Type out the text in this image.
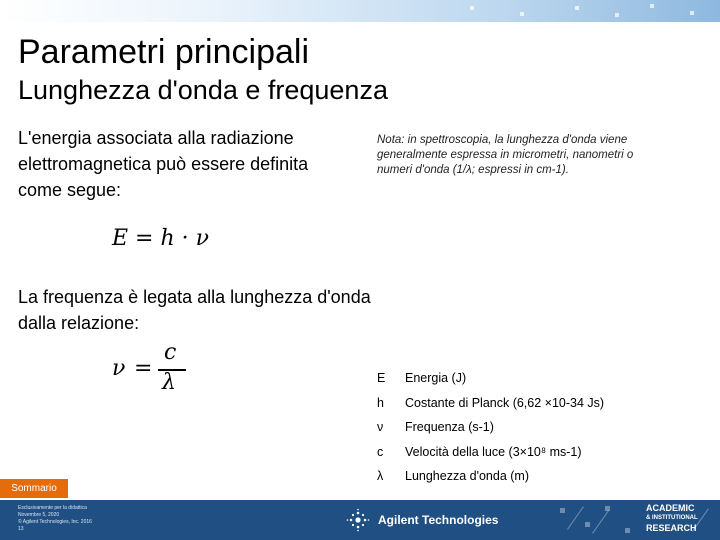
Parametri principali
Lunghezza d'onda e frequenza
L'energia associata alla radiazione elettromagnetica può essere definita come segue:
Nota: in spettroscopia, la lunghezza d'onda viene generalmente espressa in micrometri, nanometri o numeri d'onda (1/λ; espressi in cm-1).
E = h · ν
La frequenza è legata alla lunghezza d'onda dalla relazione:
ν =
c
λ	E Energia (J)
h Costante di Planck (6,62 ×10-34 Js)
ν Frequenza (s-1)
c Velocità della luce (3×10⁸ ms-1)
λ Lunghezza d'onda (m)
Sommario
Esclusivamente per la didattica
Novembre 5, 2020
© Agilent Technologies, Inc. 2016
13
Agilent Technologies
ACADEMIC
& INSTITUTIONAL
RESEARCH
